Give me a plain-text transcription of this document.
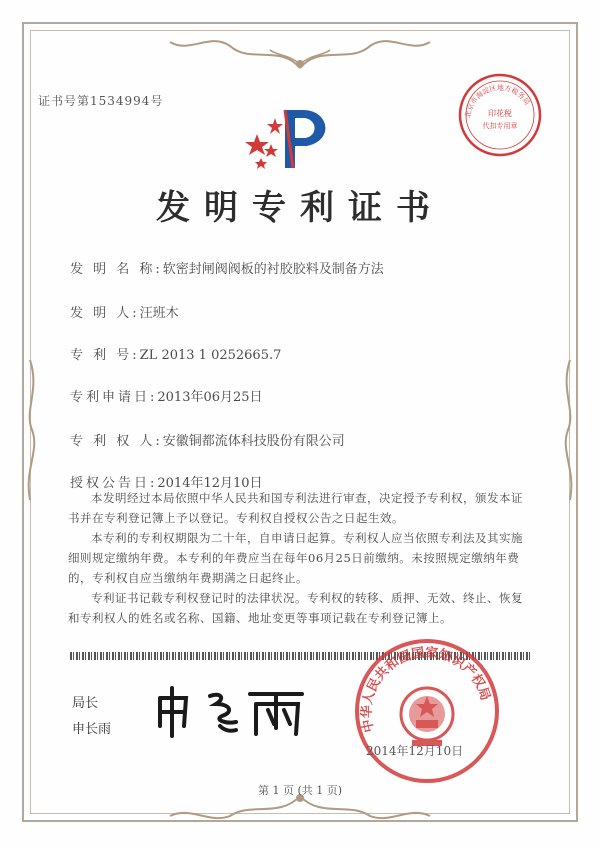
证书号第1534994号
北京市海淀区地方税务局
印花税
代扣专用章
发明专利证书
发 明 名 称:软密封闸阀阀板的衬胶胶料及制备方法
发 明 人:汪班木
专 利 号:ZL 2013 1 0252665.7
专利申请日:2013年06月25日
专 利 权 人:安徽铜都流体科技股份有限公司
授权公告日:2014年12月10日

本发明经过本局依照中华人民共和国专利法进行审查，决定授予专利权，颁发本证书并在专利登记簿上予以登记。专利权自授权公告之日起生效。

本专利的专利权期限为二十年，自申请日起算。专利权人应当依照专利法及其实施细则规定缴纳年费。本专利的年费应当在每年06月25日前缴纳。未按照规定缴纳年费的，专利权自应当缴纳年费期满之日起终止。

专利证书记载专利权登记时的法律状况。专利权的转移、质押、无效、终止、恢复和专利权人的姓名或名称、国籍、地址变更等事项记载在专利登记簿上。

局长
申长雨	中华人民共和国国家知识产权局
2014年12月10日
第 1 页 (共 1 页)
